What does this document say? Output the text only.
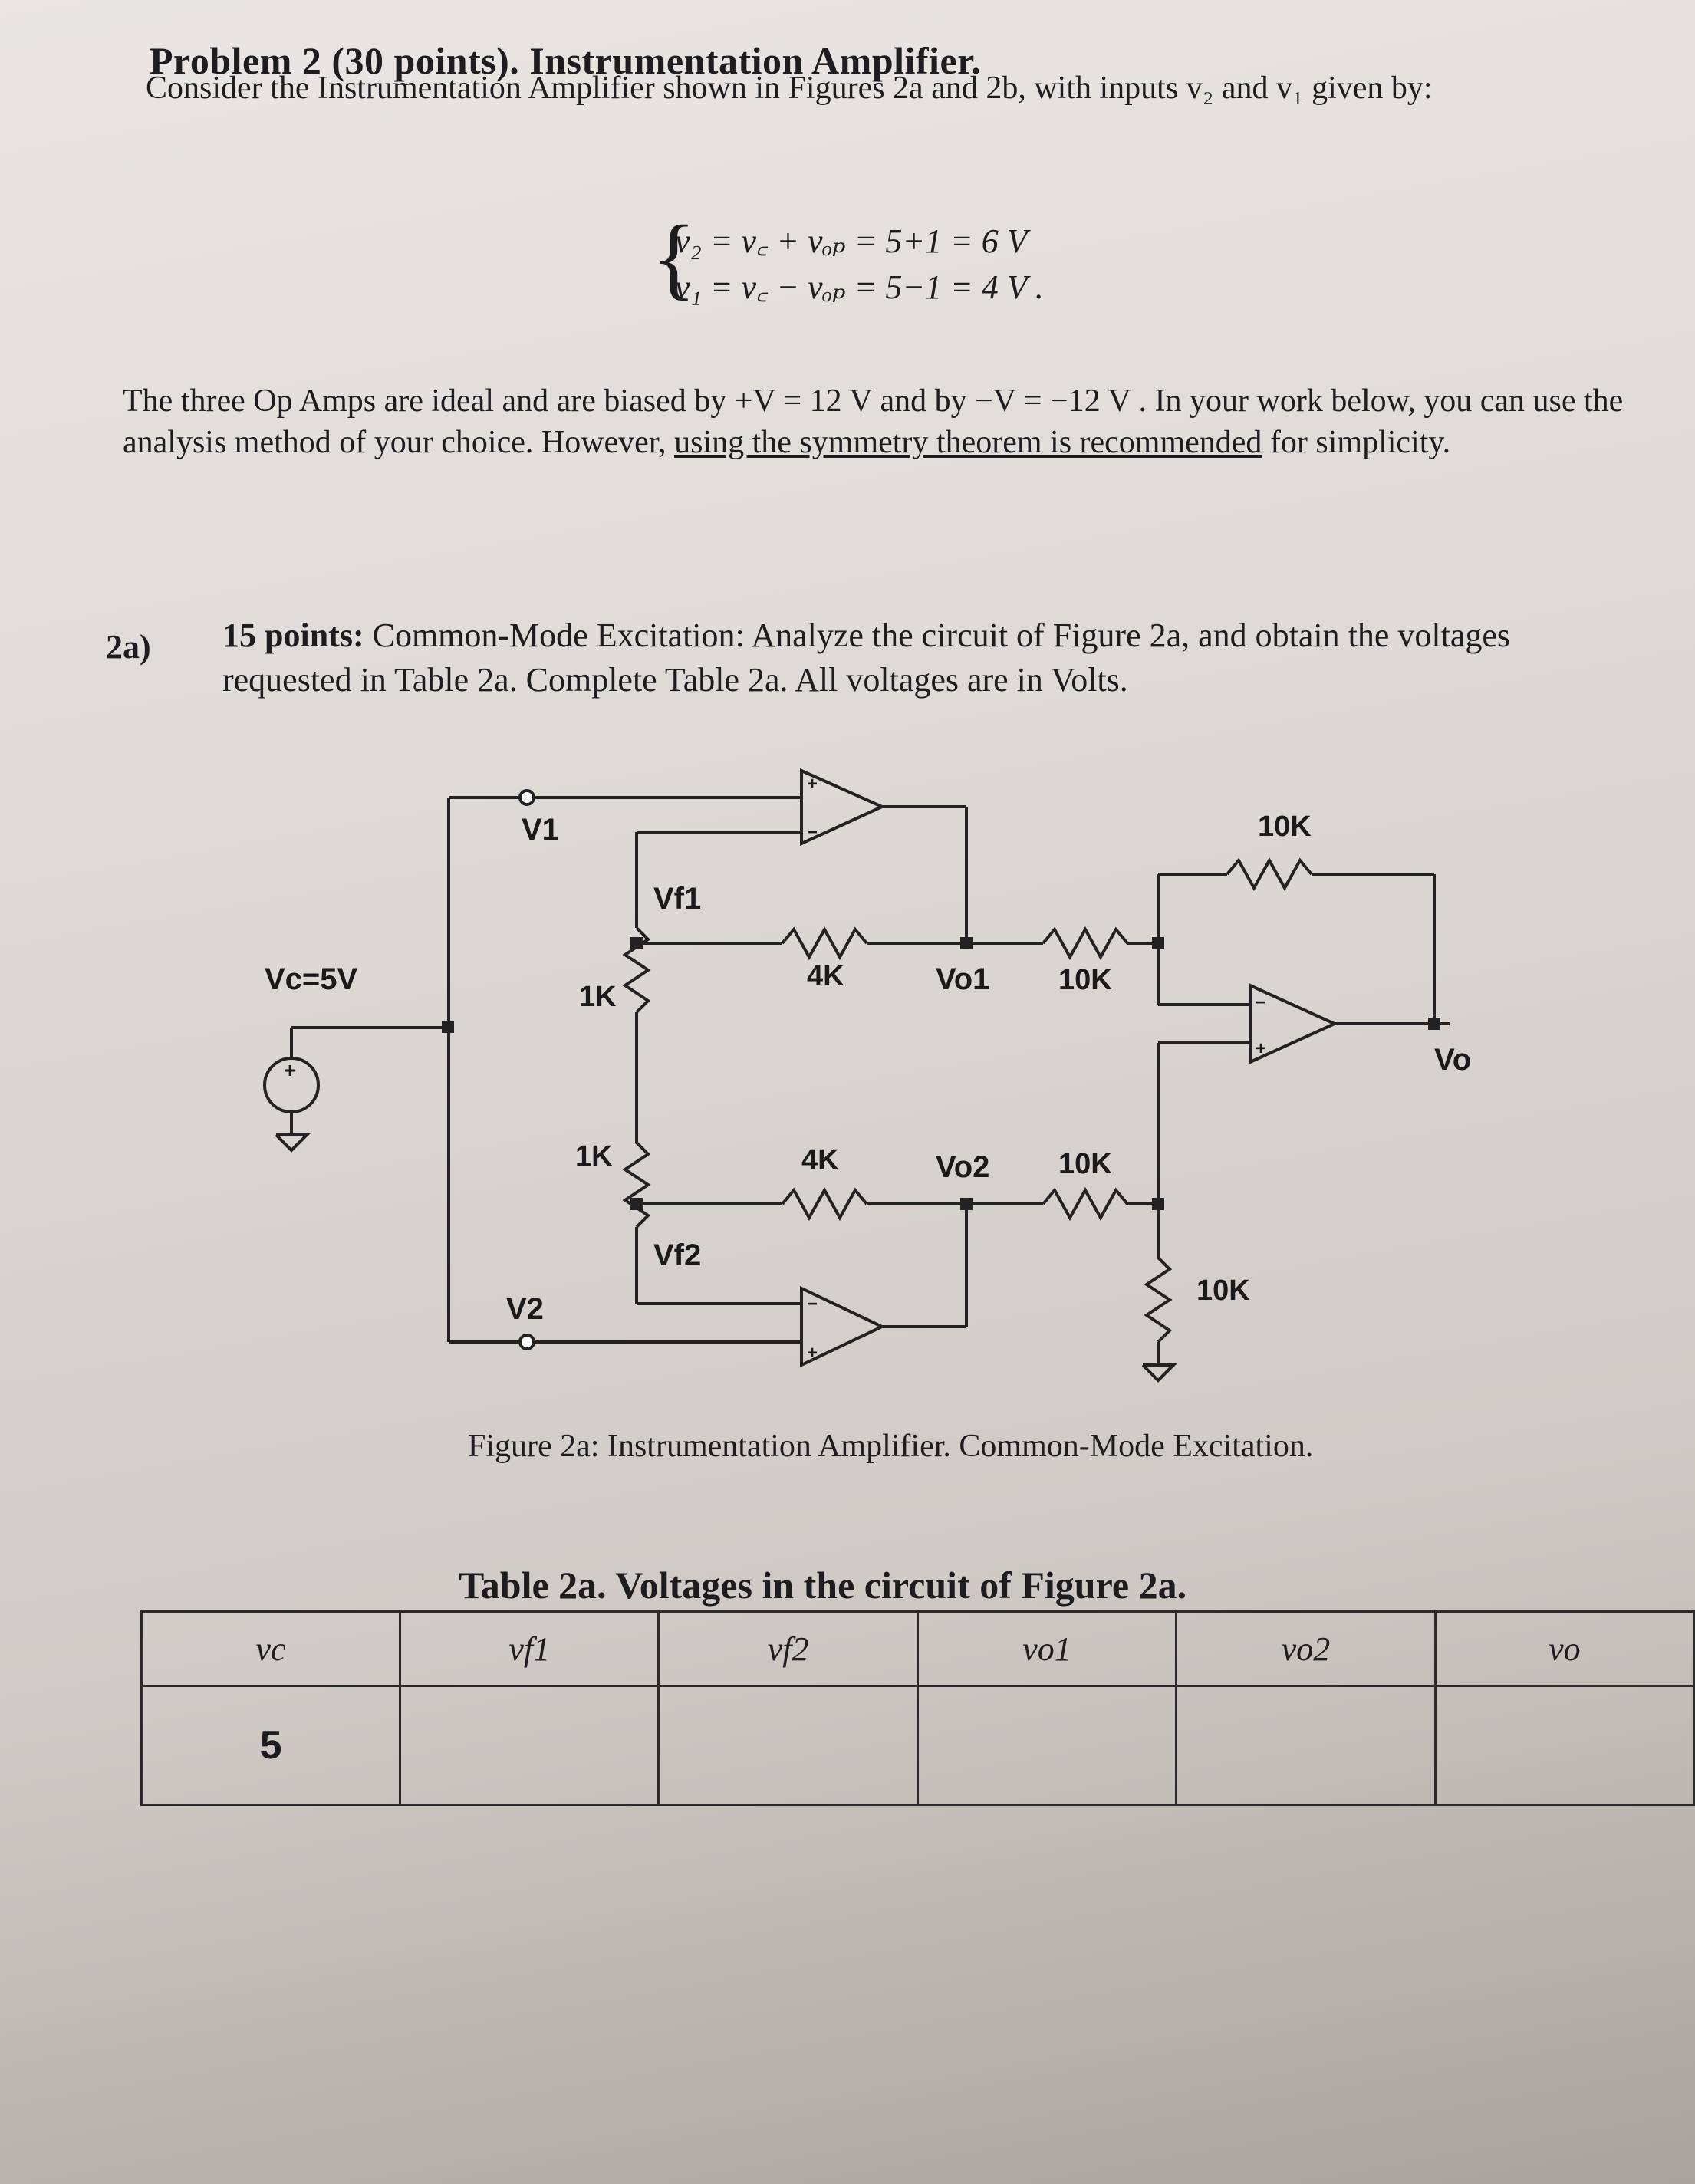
Problem 2 (30 points). Instrumentation Amplifier.
Consider the Instrumentation Amplifier shown in Figures 2a and 2b, with inputs v₂ and v₁ given by:
{
v₂ = v꜀ + vₒₚ = 5+1 = 6 V
v₁ = v꜀ − vₒₚ = 5−1 = 4 V .
The three Op Amps are ideal and are biased by +V = 12 V and by −V = −12 V . In your work below, you can use the analysis method of your choice. However, using the symmetry theorem is recommended for simplicity.
2a) 15 points: Common-Mode Excitation: Analyze the circuit of Figure 2a, and obtain the voltages requested in Table 2a. Complete Table 2a. All voltages are in Volts.
+
−
−
+
−
+
+
Vc=5V
V1
V2
Vf1
Vf2
Vo1
Vo2
Vo
1K
1K
4K
4K
10K
10K
10K
10K
Figure 2a: Instrumentation Amplifier. Common-Mode Excitation.
Table 2a. Voltages in the circuit of Figure 2a.
vc	vf1	vf2	vo1	vo2	vo
5					
